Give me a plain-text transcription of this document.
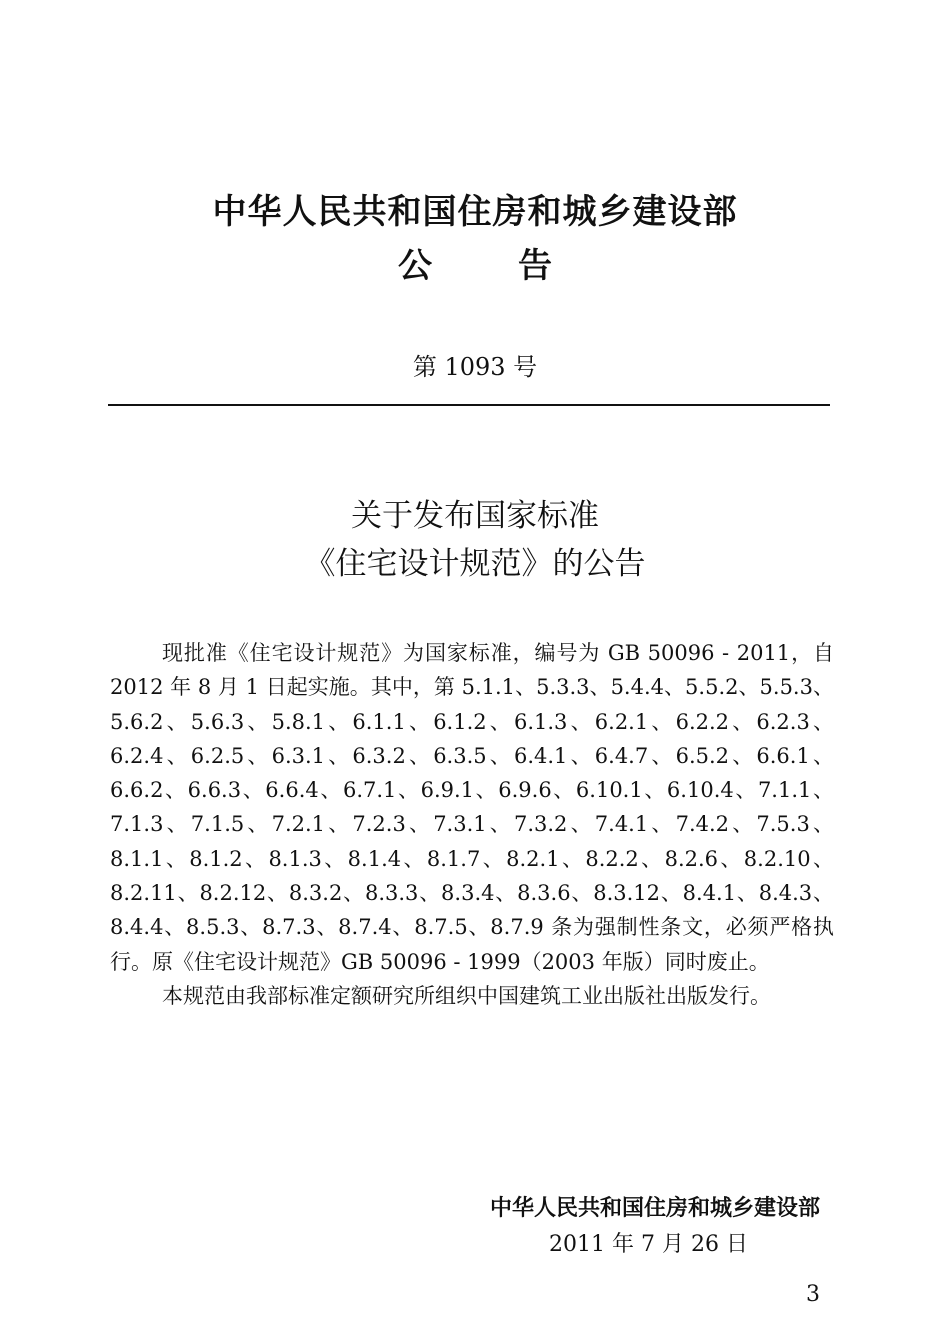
中华人民共和国住房和城乡建设部
公告
第 1093 号
关于发布国家标准
《住宅设计规范》的公告

现批准《住宅设计规范》为国家标准，编号为 GB 50096 - 2011，自 2012 年 8 月 1 日起实施。其中，第 5.1.1、5.3.3、5.4.4、5.5.2、5.5.3、5.6.2、5.6.3、5.8.1、6.1.1、6.1.2、6.1.3、6.2.1、6.2.2、6.2.3、6.2.4、6.2.5、6.3.1、6.3.2、6.3.5、6.4.1、6.4.7、6.5.2、6.6.1、6.6.2、6.6.3、6.6.4、6.7.1、6.9.1、6.9.6、6.10.1、6.10.4、7.1.1、7.1.3、7.1.5、7.2.1、7.2.3、7.3.1、7.3.2、7.4.1、7.4.2、7.5.3、8.1.1、8.1.2、8.1.3、8.1.4、8.1.7、8.2.1、8.2.2、8.2.6、8.2.10、8.2.11、8.2.12、8.3.2、8.3.3、8.3.4、8.3.6、8.3.12、8.4.1、8.4.3、8.4.4、8.5.3、8.7.3、8.7.4、8.7.5、8.7.9 条为强制性条文，必须严格执行。原《住宅设计规范》GB 50096 - 1999（2003 年版）同时废止。

本规范由我部标准定额研究所组织中国建筑工业出版社出版发行。

中华人民共和国住房和城乡建设部
2011 年 7 月 26 日
3
